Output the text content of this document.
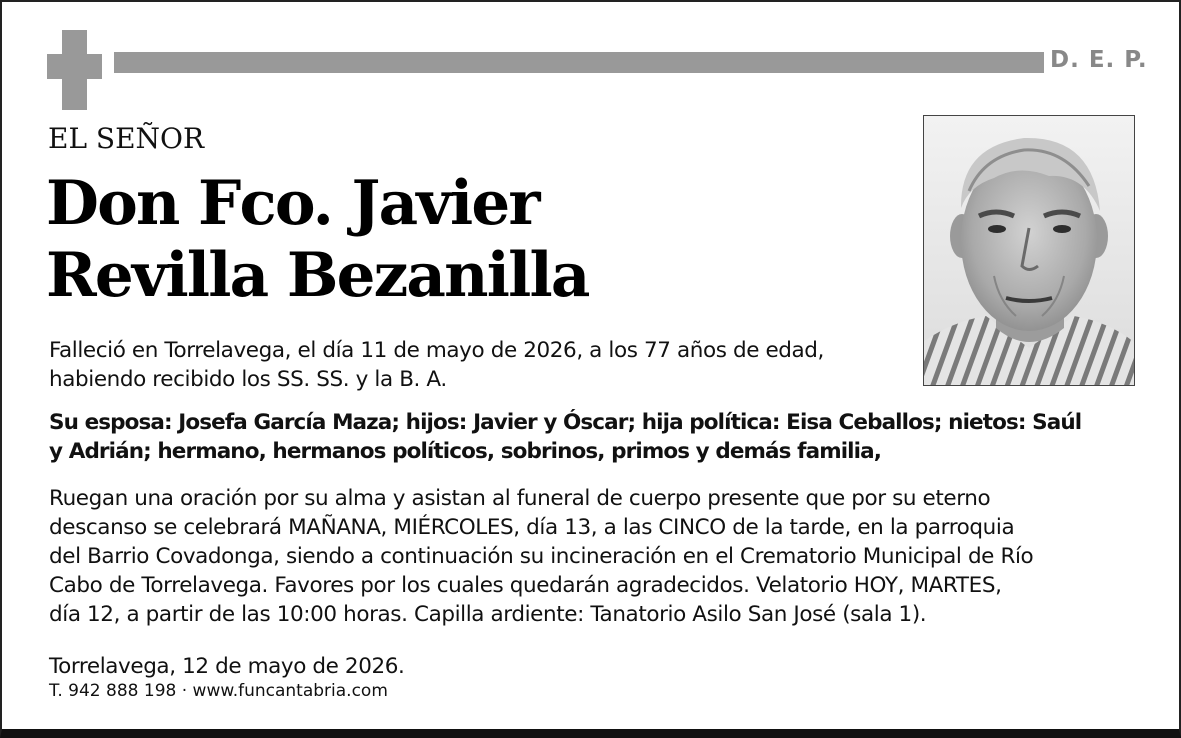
D. E. P.
EL SEÑOR
Don Fco. Javier
Revilla Bezanilla
Falleció en Torrelavega, el día 11 de mayo de 2026, a los 77 años de edad,
habiendo recibido los SS. SS. y la B. A.
Su esposa: Josefa García Maza; hijos: Javier y Óscar; hija política: Eisa Ceballos; nietos: Saúl
y Adrián; hermano, hermanos políticos, sobrinos, primos y demás familia,
Ruegan una oración por su alma y asistan al funeral de cuerpo presente que por su eterno
descanso se celebrará MAÑANA, MIÉRCOLES, día 13, a las CINCO de la tarde, en la parroquia
del Barrio Covadonga, siendo a continuación su incineración en el Crematorio Municipal de Río
Cabo de Torrelavega. Favores por los cuales quedarán agradecidos. Velatorio HOY, MARTES,
día 12, a partir de las 10:00 horas. Capilla ardiente: Tanatorio Asilo San José (sala 1).
Torrelavega, 12 de mayo de 2026.
T. 942 888 198 · www.funcantabria.com
